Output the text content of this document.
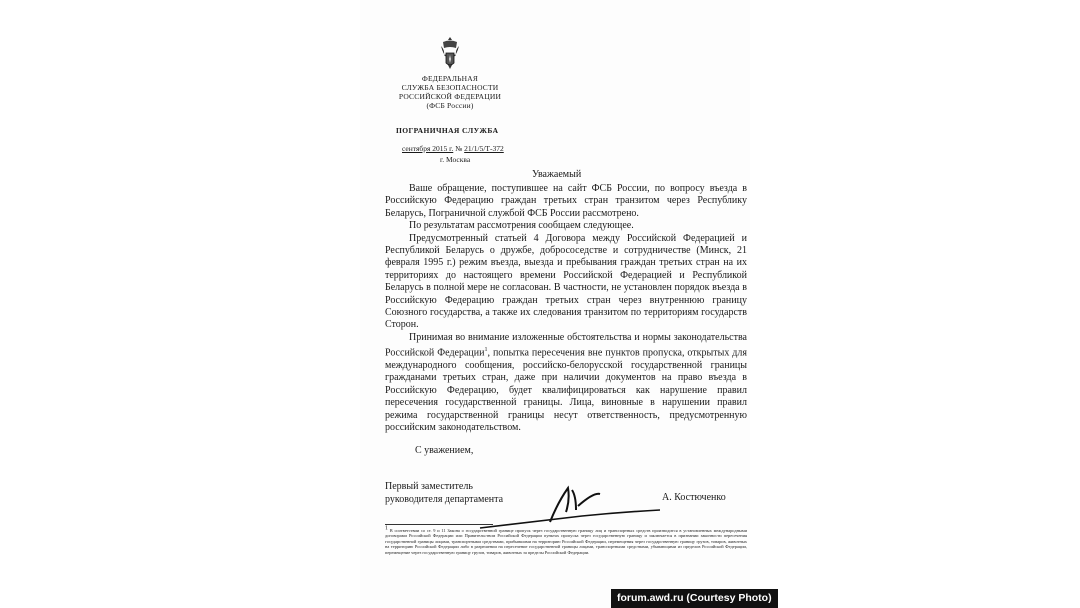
ФЕДЕРАЛЬНАЯ
СЛУЖБА БЕЗОПАСНОСТИ
РОССИЙСКОЙ ФЕДЕРАЦИИ
(ФСБ России)
ПОГРАНИЧНАЯ СЛУЖБА
сентября 2015 г. № 21/1/5/Т-372
г. Москва
Уважаемый

Ваше обращение, поступившее на сайт ФСБ России, по вопросу въезда в Российскую Федерацию граждан третьих стран транзитом через Республику Беларусь, Пограничной службой ФСБ России рассмотрено.

По результатам рассмотрения сообщаем следующее.

Предусмотренный статьей 4 Договора между Российской Федерацией и Республикой Беларусь о дружбе, добрососедстве и сотрудничестве (Минск, 21 февраля 1995 г.) режим въезда, выезда и пребывания граждан третьих стран на их территориях до настоящего времени Российской Федерацией и Республикой Беларусь в полной мере не согласован. В частности, не установлен порядок въезда в Российскую Федерацию граждан третьих стран через внутреннюю границу Союзного государства, а также их следования транзитом по территориям государств Сторон.

Принимая во внимание изложенные обстоятельства и нормы законодательства Российской Федерации$^1$, попытка пересечения вне пунктов пропуска, открытых для международного сообщения, российско-белорусской государственной границы гражданами третьих стран, даже при наличии документов на право въезда в Российскую Федерацию, будет квалифицироваться как нарушение правил пересечения государственной границы. Лица, виновные в нарушении правил режима государственной границы несут ответственность, предусмотренную российским законодательством.

С уважением,
Первый заместитель
руководителя департамента	А. Костюченко
1 В соответствии со ст. 9 и 11 Закона о государственной границе пропуск через государственную границу лиц и транспортных средств производится в установленных международными договорами Российской Федерации или Правительством Российской Федерации пунктах пропуска через государственную границу и заключается в признании законности пересечения государственной границы лицами, транспортными средствами, прибывшими на территорию Российской Федерации, перемещения через государственную границу грузов, товаров, животных на территорию Российской Федерации либо в разрешении на пересечение государственной границы лицами, транспортными средствами, убывающими из пределов Российской Федерации, перемещение через государственную границу грузов, товаров, животных за пределы Российской Федерации.
forum.awd.ru (Courtesy Photo)
